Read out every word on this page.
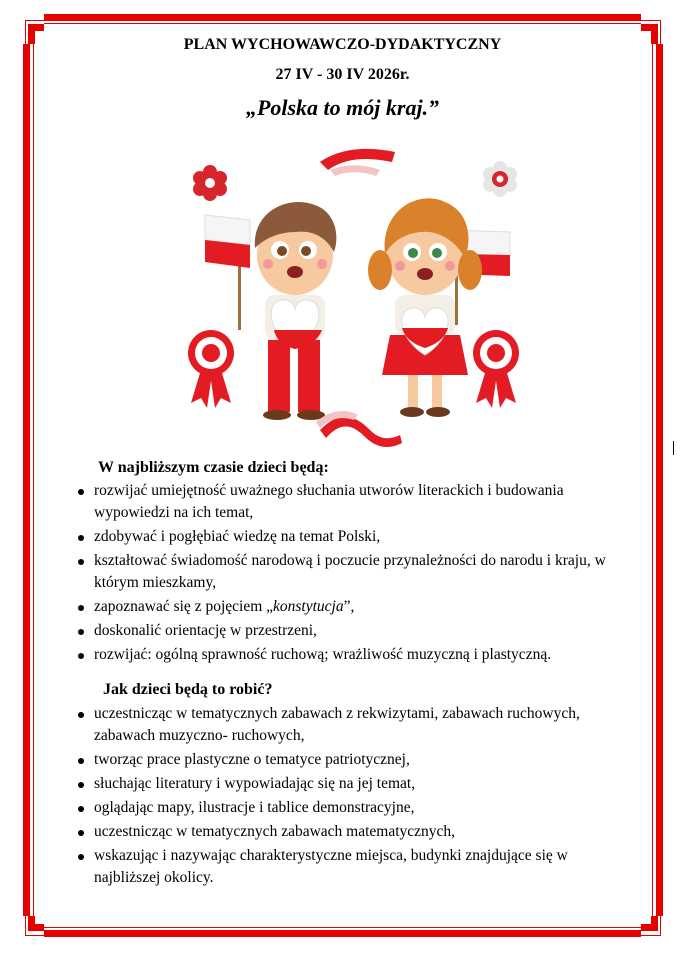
PLAN WYCHOWAWCZO-DYDAKTYCZNY
27 IV - 30 IV 2026r.
„Polska to mój kraj.”
W najbliższym czasie dzieci będą:
rozwijać umiejętność uważnego słuchania utworów literackich i budowania wypowiedzi na ich temat,
zdobywać i pogłębiać wiedzę na temat Polski,
kształtować świadomość narodową i poczucie przynależności do narodu i kraju, w którym mieszkamy,
zapoznawać się z pojęciem „konstytucja”,
doskonalić orientację w przestrzeni,
rozwijać: ogólną sprawność ruchową; wrażliwość muzyczną i plastyczną.
Jak dzieci będą to robić?
uczestnicząc w tematycznych zabawach z rekwizytami, zabawach ruchowych, zabawach muzyczno- ruchowych,
tworząc prace plastyczne o tematyce patriotycznej,
słuchając literatury i wypowiadając się na jej temat,
oglądając mapy, ilustracje i tablice demonstracyjne,
uczestnicząc w tematycznych zabawach matematycznych,
wskazując i nazywając charakterystyczne miejsca, budynki znajdujące się w najbliższej okolicy.
